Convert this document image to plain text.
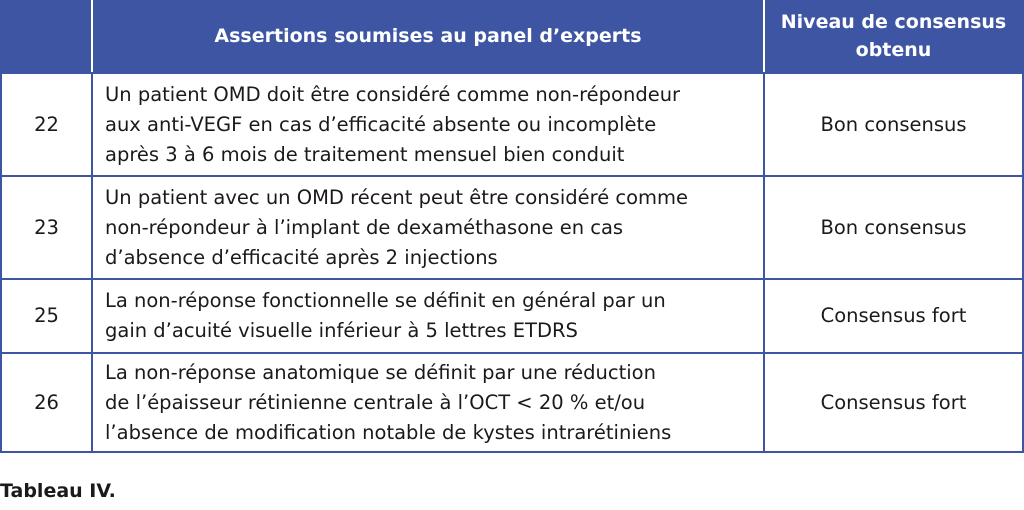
	Assertions soumises au panel d’experts	Niveau de consensus
obtenu

22	Un patient OMD doit être considéré comme non-répondeur
aux anti-VEGF en cas d’efficacité absente ou incomplète
après 3 à 6 mois de traitement mensuel bien conduit	Bon consensus
23	Un patient avec un OMD récent peut être considéré comme
non-répondeur à l’implant de dexaméthasone en cas
d’absence d’efficacité après 2 injections	Bon consensus
25	La non-réponse fonctionnelle se définit en général par un
gain d’acuité visuelle inférieur à 5 lettres ETDRS	Consensus fort
26	La non-réponse anatomique se définit par une réduction
de l’épaisseur rétinienne centrale à l’OCT < 20 % et/ou
l’absence de modification notable de kystes intrarétiniens	Consensus fort

Tableau IV.
